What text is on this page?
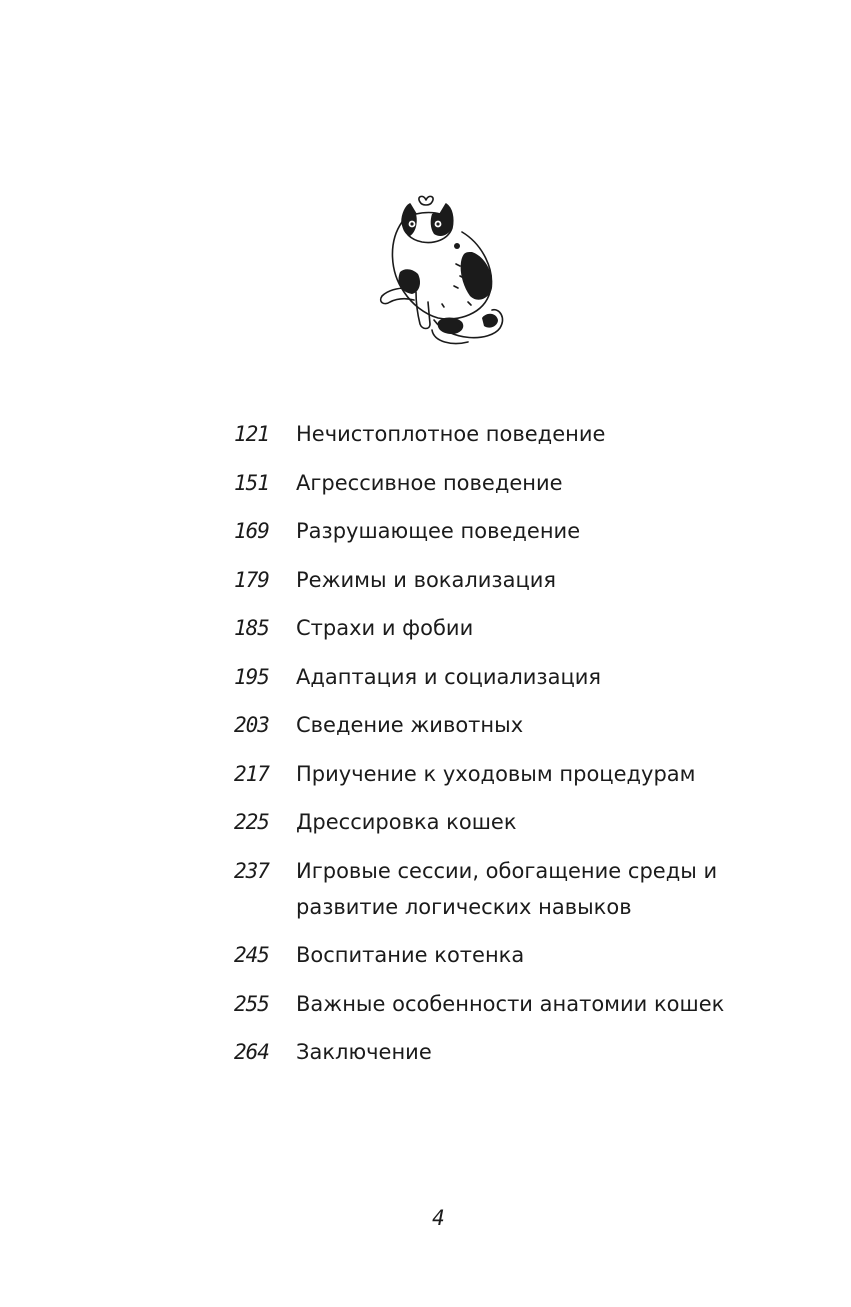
121	Нечистоплотное поведение
151	Агрессивное поведение
169	Разрушающее поведение
179	Режимы и вокализация
185	Страхи и фобии
195	Адаптация и социализация
203	Сведение животных
217	Приучение к уходовым процедурам
225	Дрессировка кошек
237	Игровые сессии, обогащение среды и развитие логических навыков
245	Воспитание котенка
255	Важные особенности анатомии кошек
264	Заключение
4
